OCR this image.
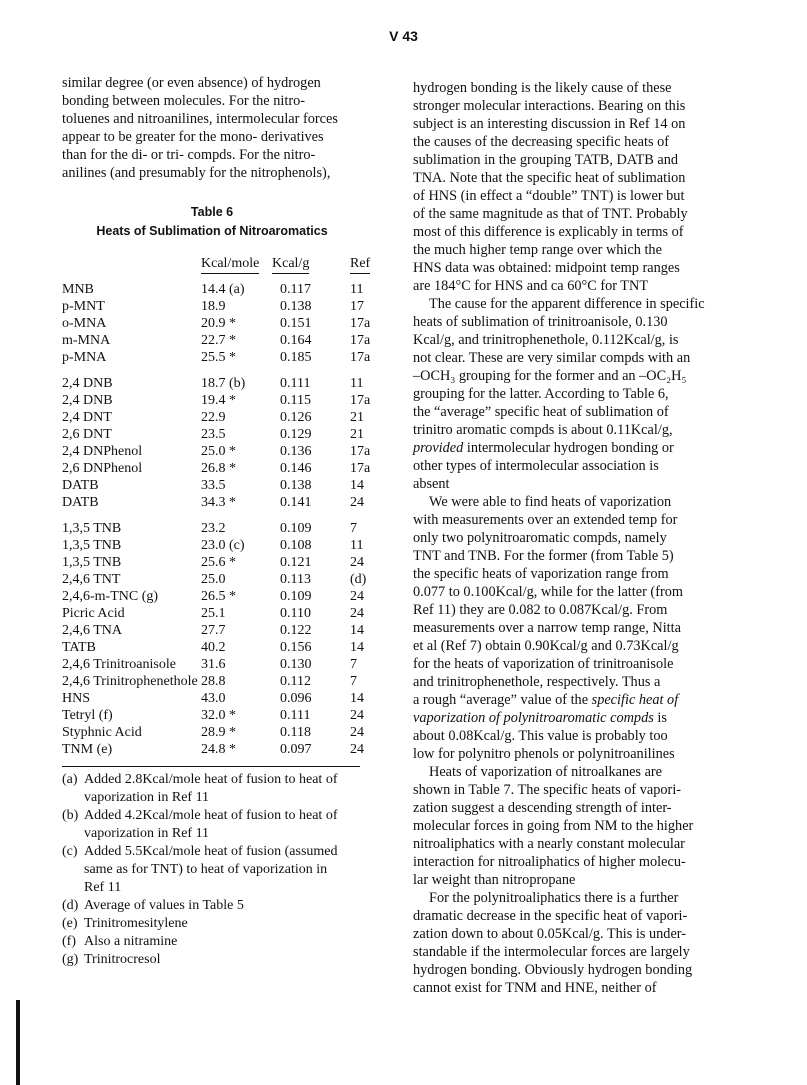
V 43
similar degree (or even absence) of hydrogen
bonding between molecules. For the nitro-
toluenes and nitroanilines, intermolecular forces
appear to be greater for the mono- derivatives
than for the di- or tri- compds. For the nitro-
anilines (and presumably for the nitrophenols),
Table 6
Heats of Sublimation of Nitroaromatics
Kcal/mole Kcal/g	Ref
MNB	14.4 (a)	0.117	11
p-MNT	18.9	0.138	17
o-MNA	20.9 *	0.151	17a
m-MNA	22.7 *	0.164	17a
p-MNA	25.5 *	0.185	17a
2,4 DNB	18.7 (b) 0.111	11
2,4 DNB	19.4 *	0.115	17a
2,4 DNT	22.9	0.126	21
2,6 DNT	23.5	0.129	21
2,4 DNPhenol	25.0 *	0.136	17a
2,6 DNPhenol	26.8 *	0.146	17a
DATB	33.5	0.138	14
DATB	34.3 *	0.141	24
1,3,5 TNB	23.2	0.109	7
1,3,5 TNB	23.0 (c)	0.108	11
1,3,5 TNB	25.6 *	0.121	24
2,4,6 TNT	25.0	0.113	(d)
2,4,6-m-TNC (g)	26.5 *	0.109	24
Picric Acid	25.1	0.110	24
2,4,6 TNA	27.7	0.122	14
TATB	40.2	0.156	14
2,4,6 Trinitroanisole 31.6	0.130	7
2,4,6 Trinitrophenethole 28.8	0.112	7
HNS	43.0	0.096	14
Tetryl (f)	32.0 *	0.111	24
Styphnic Acid	28.9 *	0.118	24
TNM (e)	24.8 *	0.097	24
(a) Added 2.8Kcal/mole heat of fusion to heat of
vaporization in Ref 11
(b) Added 4.2Kcal/mole heat of fusion to heat of
vaporization in Ref 11
(c) Added 5.5Kcal/mole heat of fusion (assumed
same as for TNT) to heat of vaporization in
Ref 11
(d) Average of values in Table 5
(e) Trinitromesitylene
(f) Also a nitramine
(g) Trinitrocresol
hydrogen bonding is the likely cause of these
stronger molecular interactions. Bearing on this
subject is an interesting discussion in Ref 14 on
the causes of the decreasing specific heats of
sublimation in the grouping TATB, DATB and
TNA. Note that the specific heat of sublimation
of HNS (in effect a “double” TNT) is lower but
of the same magnitude as that of TNT. Probably
most of this difference is explicably in terms of
the much higher temp range over which the
HNS data was obtained: midpoint temp ranges
are 184°C for HNS and ca 60°C for TNT
The cause for the apparent difference in specific
heats of sublimation of trinitroanisole, 0.130
Kcal/g, and trinitrophenethole, 0.112Kcal/g, is
not clear. These are very similar compds with an
–OCH₃ grouping for the former and an –OC₂H₅
grouping for the latter. According to Table 6,
the “average” specific heat of sublimation of
trinitro aromatic compds is about 0.11Kcal/g,
provided intermolecular hydrogen bonding or
other types of intermolecular association is
absent
We were able to find heats of vaporization
with measurements over an extended temp for
only two polynitroaromatic compds, namely
TNT and TNB. For the former (from Table 5)
the specific heats of vaporization range from
0.077 to 0.100Kcal/g, while for the latter (from
Ref 11) they are 0.082 to 0.087Kcal/g. From
measurements over a narrow temp range, Nitta
et al (Ref 7) obtain 0.90Kcal/g and 0.73Kcal/g
for the heats of vaporization of trinitroanisole
and trinitrophenethole, respectively. Thus a
a rough “average” value of the specific heat of
vaporization of polynitroaromatic compds is
about 0.08Kcal/g. This value is probably too
low for polynitro phenols or polynitroanilines
Heats of vaporization of nitroalkanes are
shown in Table 7. The specific heats of vapori-
zation suggest a descending strength of inter-
molecular forces in going from NM to the higher
nitroaliphatics with a nearly constant molecular
interaction for nitroaliphatics of higher molecu-
lar weight than nitropropane
For the polynitroaliphatics there is a further
dramatic decrease in the specific heat of vapori-
zation down to about 0.05Kcal/g. This is under-
standable if the intermolecular forces are largely
hydrogen bonding. Obviously hydrogen bonding
cannot exist for TNM and HNE, neither of
